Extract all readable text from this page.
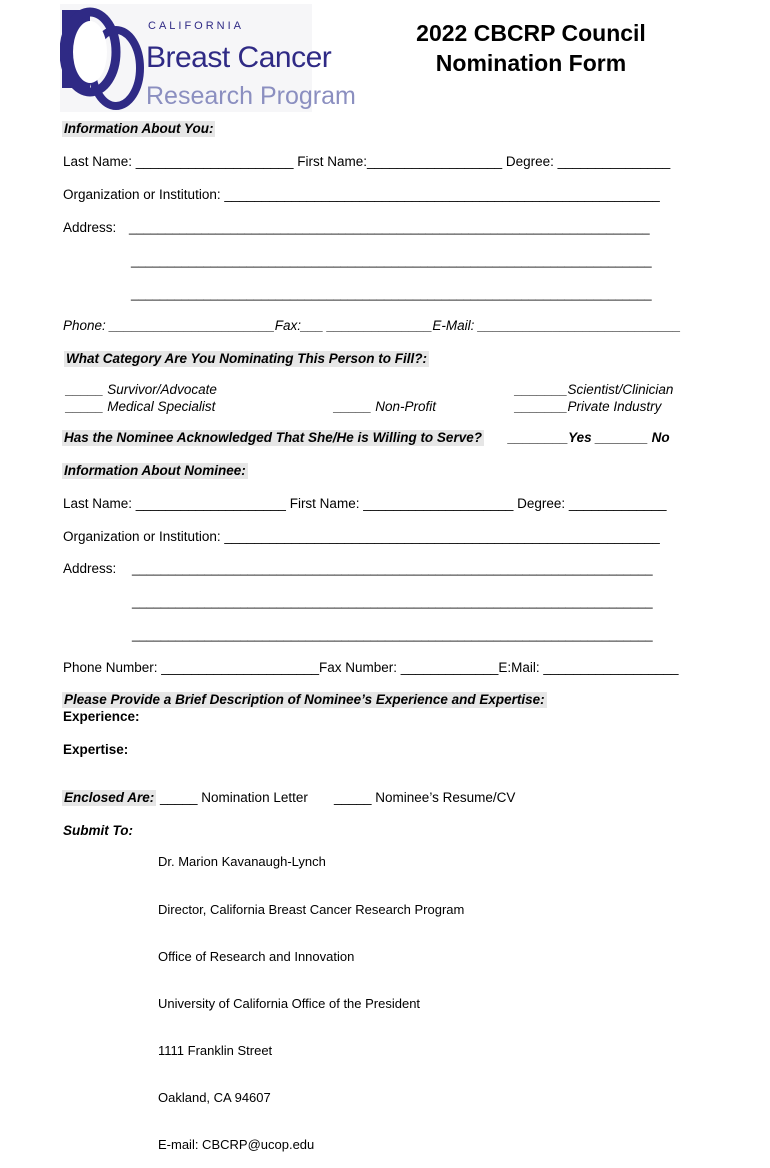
CALIFORNIA
Breast Cancer
Research Program
2022 CBCRP Council
Nomination Form
Information About You:
Last Name: _____________________ First Name:__________________ Degree: _______________
Organization or Institution: __________________________________________________________
Address: ________________________________________________________________________
________________________________________________________________________
________________________________________________________________________
Phone: ______________________Fax:___ ______________E-Mail: ___________________________
What Category Are You Nominating This Person to Fill?:
_____ Survivor/Advocate
_____ Medical Specialist	_____ Non-Profit
_______Scientist/Clinician
_______Private Industry
Has the Nominee Acknowledged That She/He is Willing to Serve? ________Yes _______ No
Information About Nominee:
Last Name: ____________________ First Name: ____________________ Degree: _____________
Organization or Institution: __________________________________________________________
Address: ________________________________________________________________________
________________________________________________________________________
________________________________________________________________________
Phone Number: _____________________Fax Number: _____________E:Mail: __________________
Please Provide a Brief Description of Nominee’s Experience and Expertise:
Experience:
Expertise:
Enclosed Are: _____ Nomination Letter _____ Nominee’s Resume/CV
Submit To:

Dr. Marion Kavanaugh-Lynch

Director, California Breast Cancer Research Program

Office of Research and Innovation

University of California Office of the President

1111 Franklin Street

Oakland, CA 94607

E-mail: CBCRP@ucop.edu
